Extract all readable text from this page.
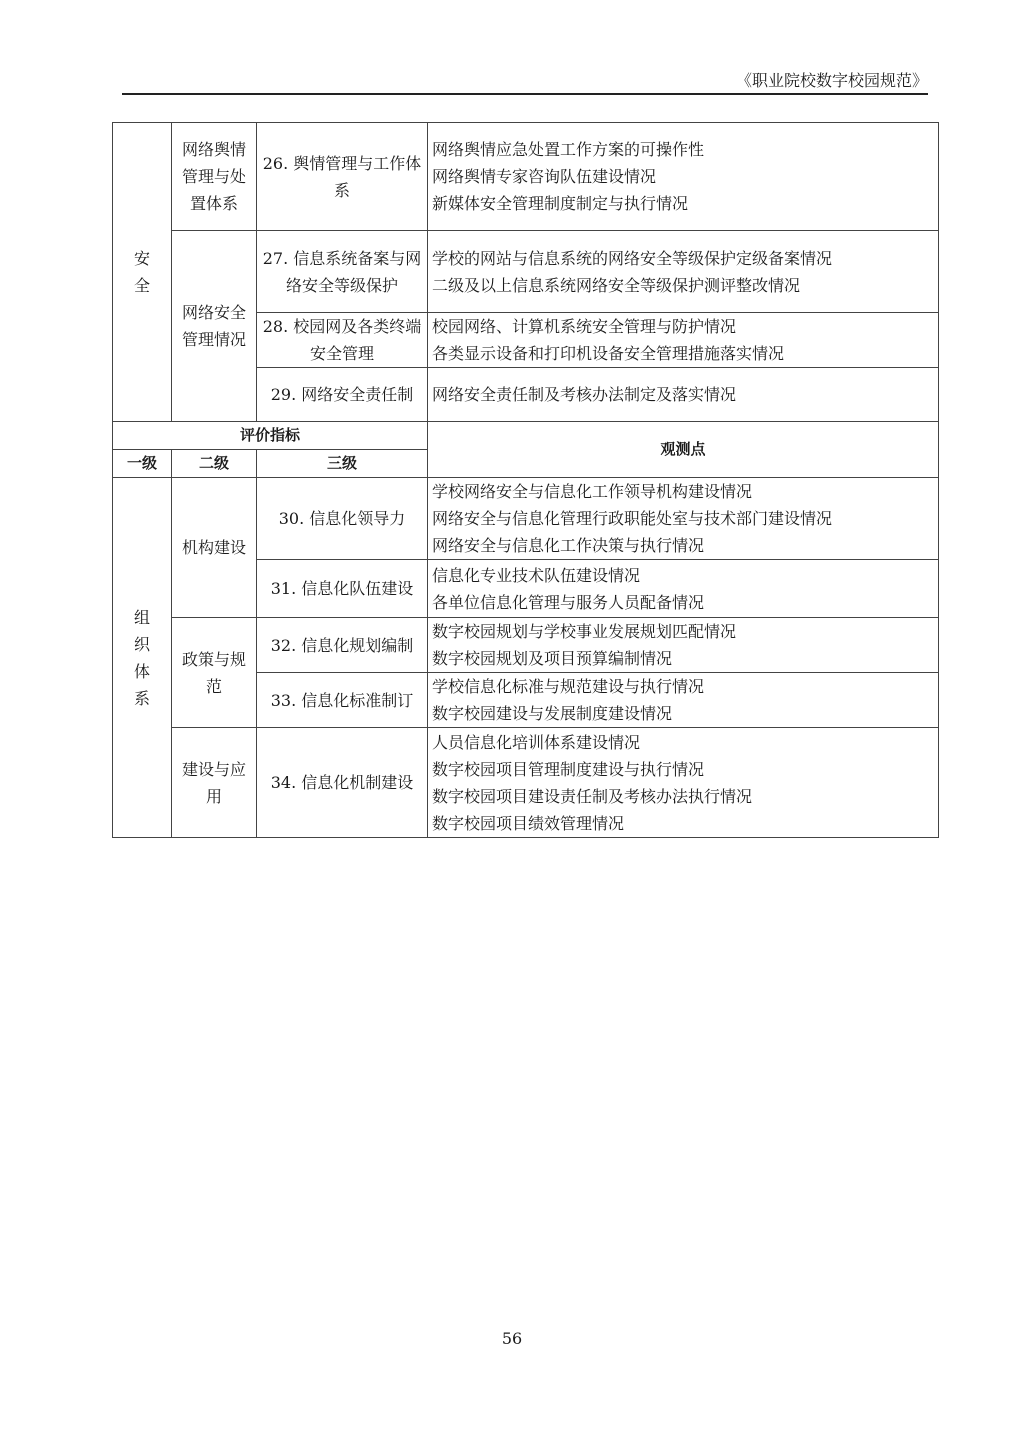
《职业院校数字校园规范》
安全	网络舆情管理与处置体系	26. 舆情管理与工作体系	网络舆情应急处置工作方案的可操作性
网络舆情专家咨询队伍建设情况
新媒体安全管理制度制定与执行情况

	网络安全管理情况	27. 信息系统备案与网络安全等级保护	学校的网站与信息系统的网络安全等级保护定级备案情况
二级及以上信息系统网络安全等级保护测评整改情况

		28. 校园网及各类终端安全管理	校园网络、计算机系统安全管理与防护情况
各类显示设备和打印机设备安全管理措施落实情况

		29. 网络安全责任制	网络安全责任制及考核办法制定及落实情况

评价指标			观测点
一级	二级	三级	
组织体系	机构建设	30. 信息化领导力	学校网络安全与信息化工作领导机构建设情况
网络安全与信息化管理行政职能处室与技术部门建设情况
网络安全与信息化工作决策与执行情况

		31. 信息化队伍建设	信息化专业技术队伍建设情况
各单位信息化管理与服务人员配备情况

	政策与规范	32. 信息化规划编制	数字校园规划与学校事业发展规划匹配情况
数字校园规划及项目预算编制情况

		33. 信息化标准制订	学校信息化标准与规范建设与执行情况
数字校园建设与发展制度建设情况

	建设与应用	34. 信息化机制建设	人员信息化培训体系建设情况
数字校园项目管理制度建设与执行情况
数字校园项目建设责任制及考核办法执行情况
数字校园项目绩效管理情况
56
